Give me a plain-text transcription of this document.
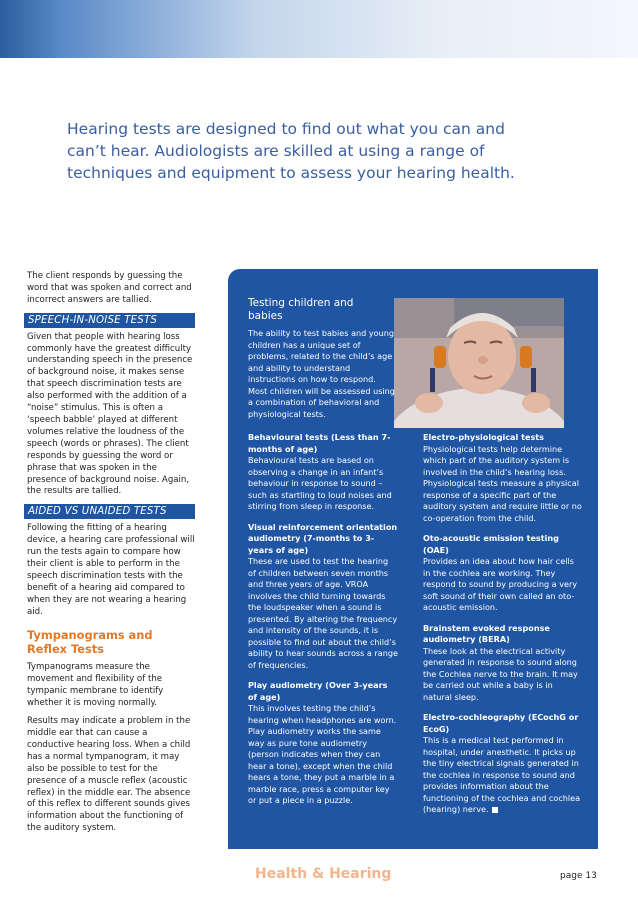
Hearing tests are designed to find out what you can and can’t hear. Audiologists are skilled at using a range of techniques and equipment to assess your hearing health.

The client responds by guessing the word that was spoken and correct and incorrect answers are tallied.

SPEECH-IN-NOISE TESTS

Given that people with hearing loss commonly have the greatest difficulty understanding speech in the presence of background noise, it makes sense that speech discrimination tests are also performed with the addition of a “noise” stimulus. This is often a ‘speech babble’ played at different volumes relative the loudness of the speech (words or phrases). The client responds by guessing the word or phrase that was spoken in the presence of background noise. Again, the results are tallied.

AIDED VS UNAIDED TESTS

Following the fitting of a hearing device, a hearing care professional will run the tests again to compare how their client is able to perform in the speech discrimination tests with the benefit of a hearing aid compared to when they are not wearing a hearing aid.

Tympanograms and Reflex Tests

Tympanograms measure the movement and flexibility of the tympanic membrane to identify whether it is moving normally.

Results may indicate a problem in the middle ear that can cause a conductive hearing loss. When a child has a normal tympanogram, it may also be possible to test for the presence of a muscle reflex (acoustic reflex) in the middle ear. The absence of this reflex to different sounds gives information about the functioning of the auditory system.

Testing children and babies

The ability to test babies and young children has a unique set of problems, related to the child’s age and ability to understand instructions on how to respond. Most children will be assessed using a combination of behavioral and physiological tests.

Behavioural tests (Less than 7-months of age)

Behavioural tests are based on observing a change in an infant’s behaviour in response to sound – such as startling to loud noises and stirring from sleep in response.

Visual reinforcement orientation audiometry (7-months to 3-years of age)

These are used to test the hearing of children between seven months and three years of age. VROA involves the child turning towards the loudspeaker when a sound is presented. By altering the frequency and intensity of the sounds, it is possible to find out about the child’s ability to hear sounds across a range of frequencies.

Play audiometry (Over 3-years of age)

This involves testing the child’s hearing when headphones are worn. Play audiometry works the same way as pure tone audiometry (person indicates when they can hear a tone), except when the child hears a tone, they put a marble in a marble race, press a computer key or put a piece in a puzzle.

Electro-physiological tests

Physiological tests help determine which part of the auditory system is involved in the child’s hearing loss. Physiological tests measure a physical response of a specific part of the auditory system and require little or no co-operation from the child.

Oto-acoustic emission testing (OAE)

Provides an idea about how hair cells in the cochlea are working. They respond to sound by producing a very soft sound of their own called an oto-acoustic emission.

Brainstem evoked response audiometry (BERA)

These look at the electrical activity generated in response to sound along the Cochlea nerve to the brain. It may be carried out while a baby is in natural sleep.

Electro-cochleography (ECochG or EcoG)

This is a medical test performed in hospital, under anesthetic. It picks up the tiny electrical signals generated in the cochlea in response to sound and provides information about the functioning of the cochlea and cochlea (hearing) nerve.

Health & Hearing	page 13
